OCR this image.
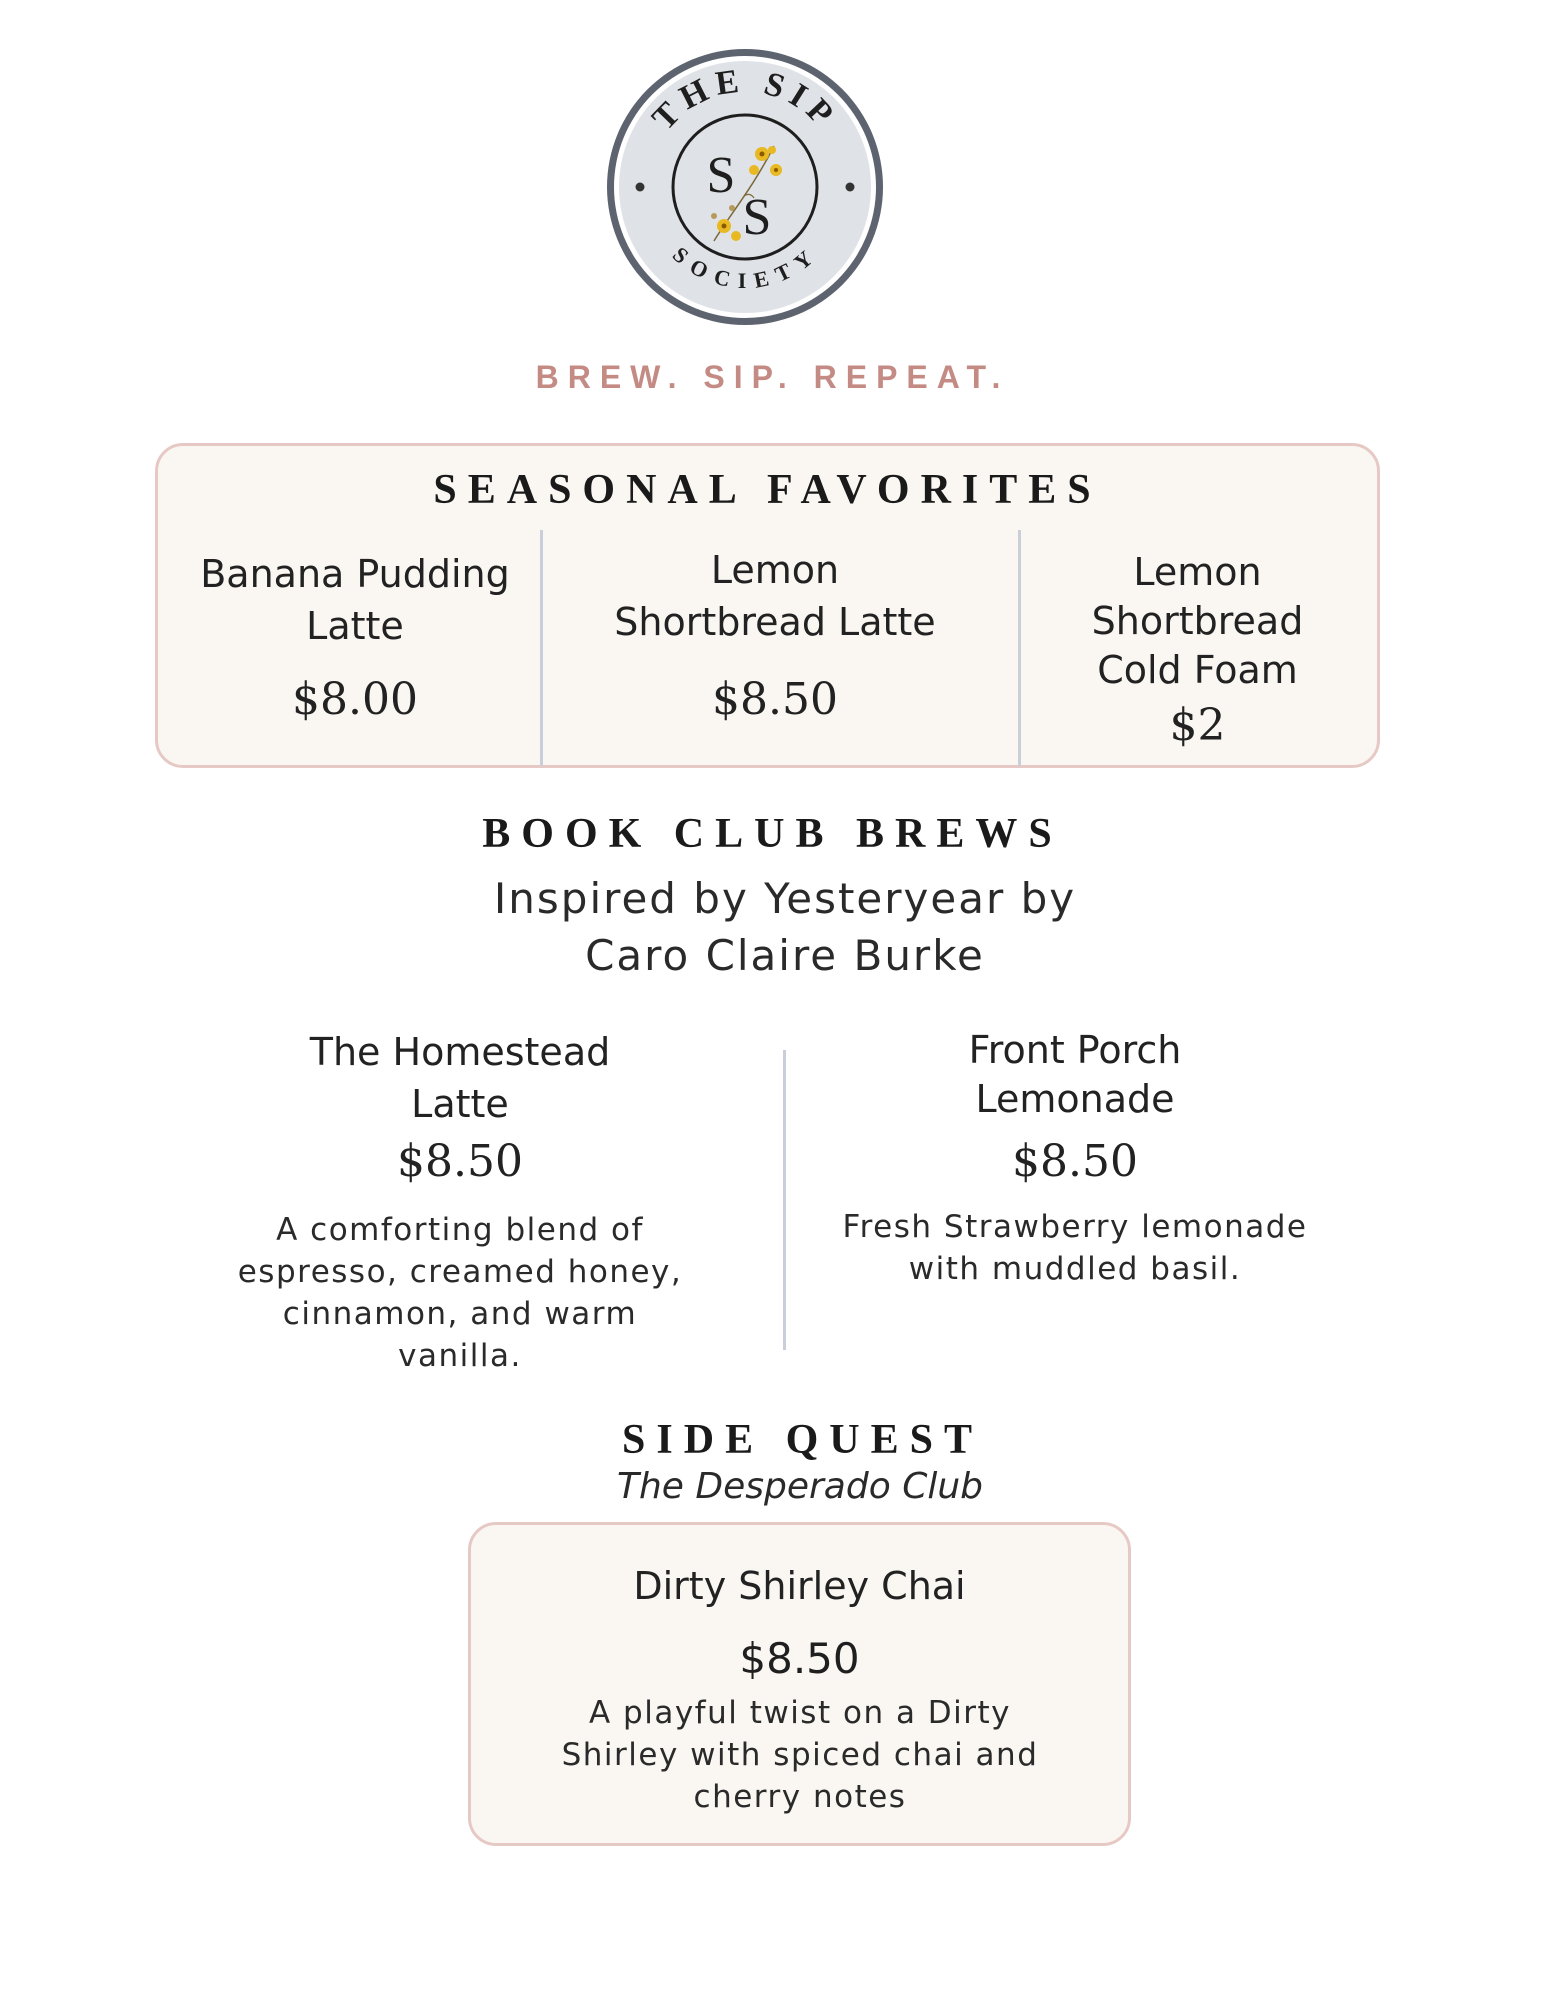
THE SIP
SOCIETY
S
S
BREW. SIP. REPEAT.
SEASONAL FAVORITES
Banana Pudding Latte
$8.00
Lemon Shortbread Latte
$8.50
Lemon Shortbread Cold Foam
$2
BOOK CLUB BREWS
Inspired by Yesteryear by Caro Claire Burke
The Homestead Latte
$8.50
A comforting blend of espresso, creamed honey, cinnamon, and warm vanilla.
Front Porch Lemonade
$8.50
Fresh Strawberry lemonade with muddled basil.
SIDE QUEST
The Desperado Club
Dirty Shirley Chai
$8.50
A playful twist on a Dirty Shirley with spiced chai and cherry notes
